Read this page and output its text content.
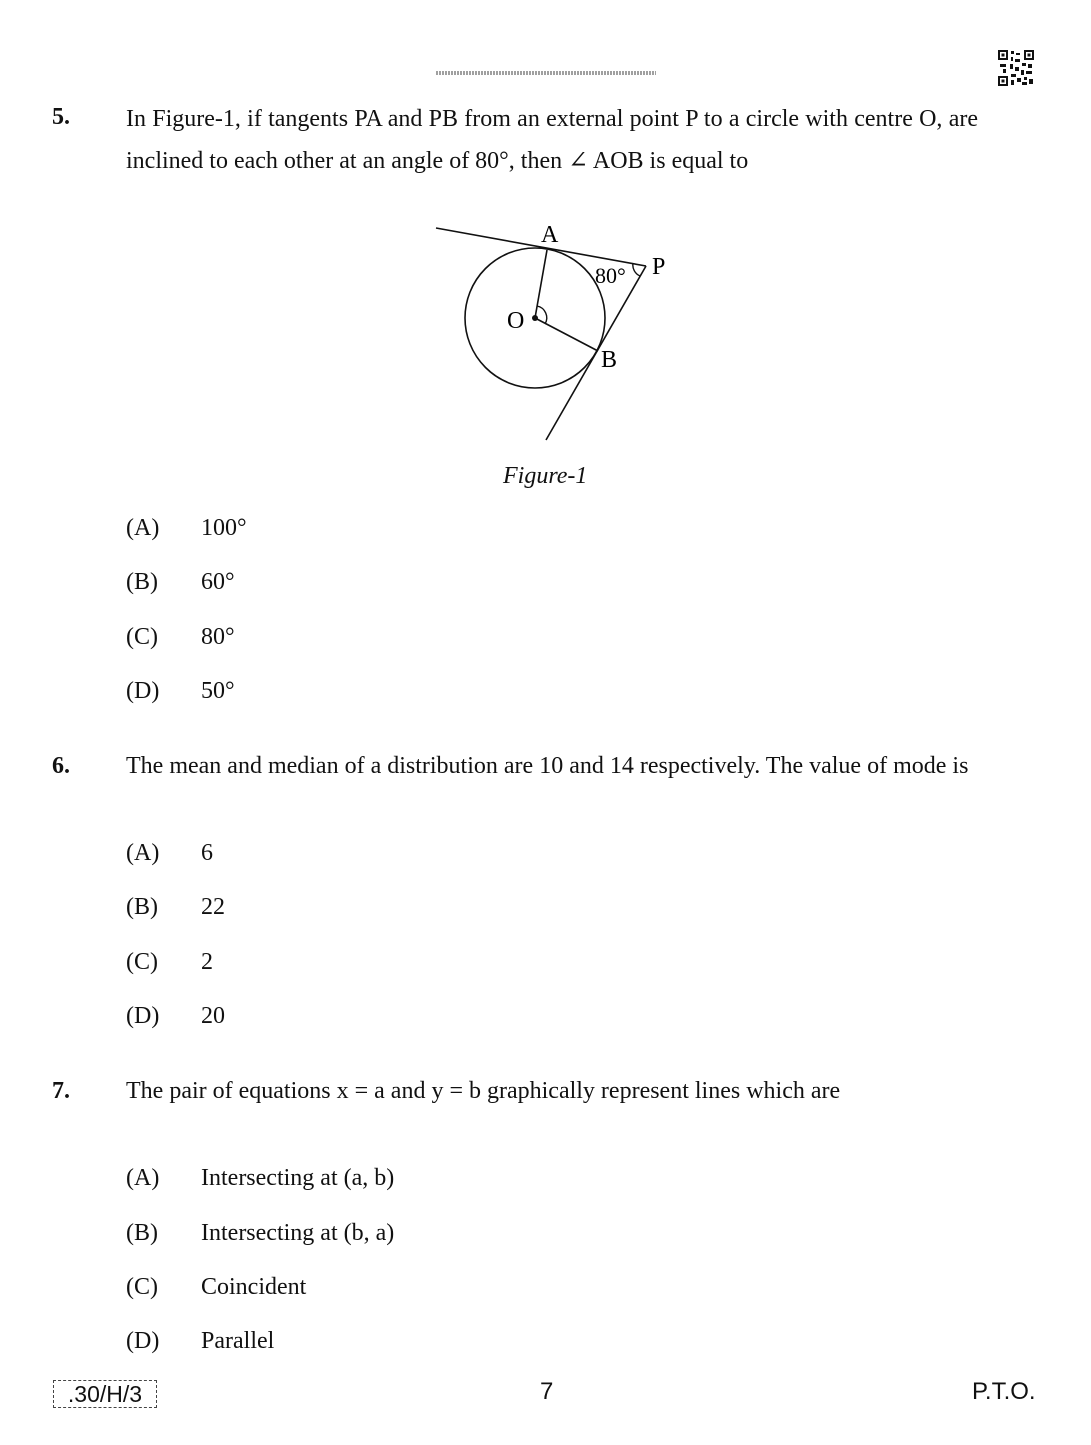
5. In Figure-1, if tangents PA and PB from an external point P to a circle with centre O, are inclined to each other at an angle of 80°, then ∠ AOB is equal to
A
P
O
B
80°
Figure-1
(A) 100°
(B) 60°
(C) 80°
(D) 50°
6. The mean and median of a distribution are 10 and 14 respectively. The value of mode is
(A) 6
(B) 22
(C) 2
(D) 20
7. The pair of equations x = a and y = b graphically represent lines which are
(A) Intersecting at (a, b)
(B) Intersecting at (b, a)
(C) Coincident
(D) Parallel
.30/H/3	7	P.T.O.
